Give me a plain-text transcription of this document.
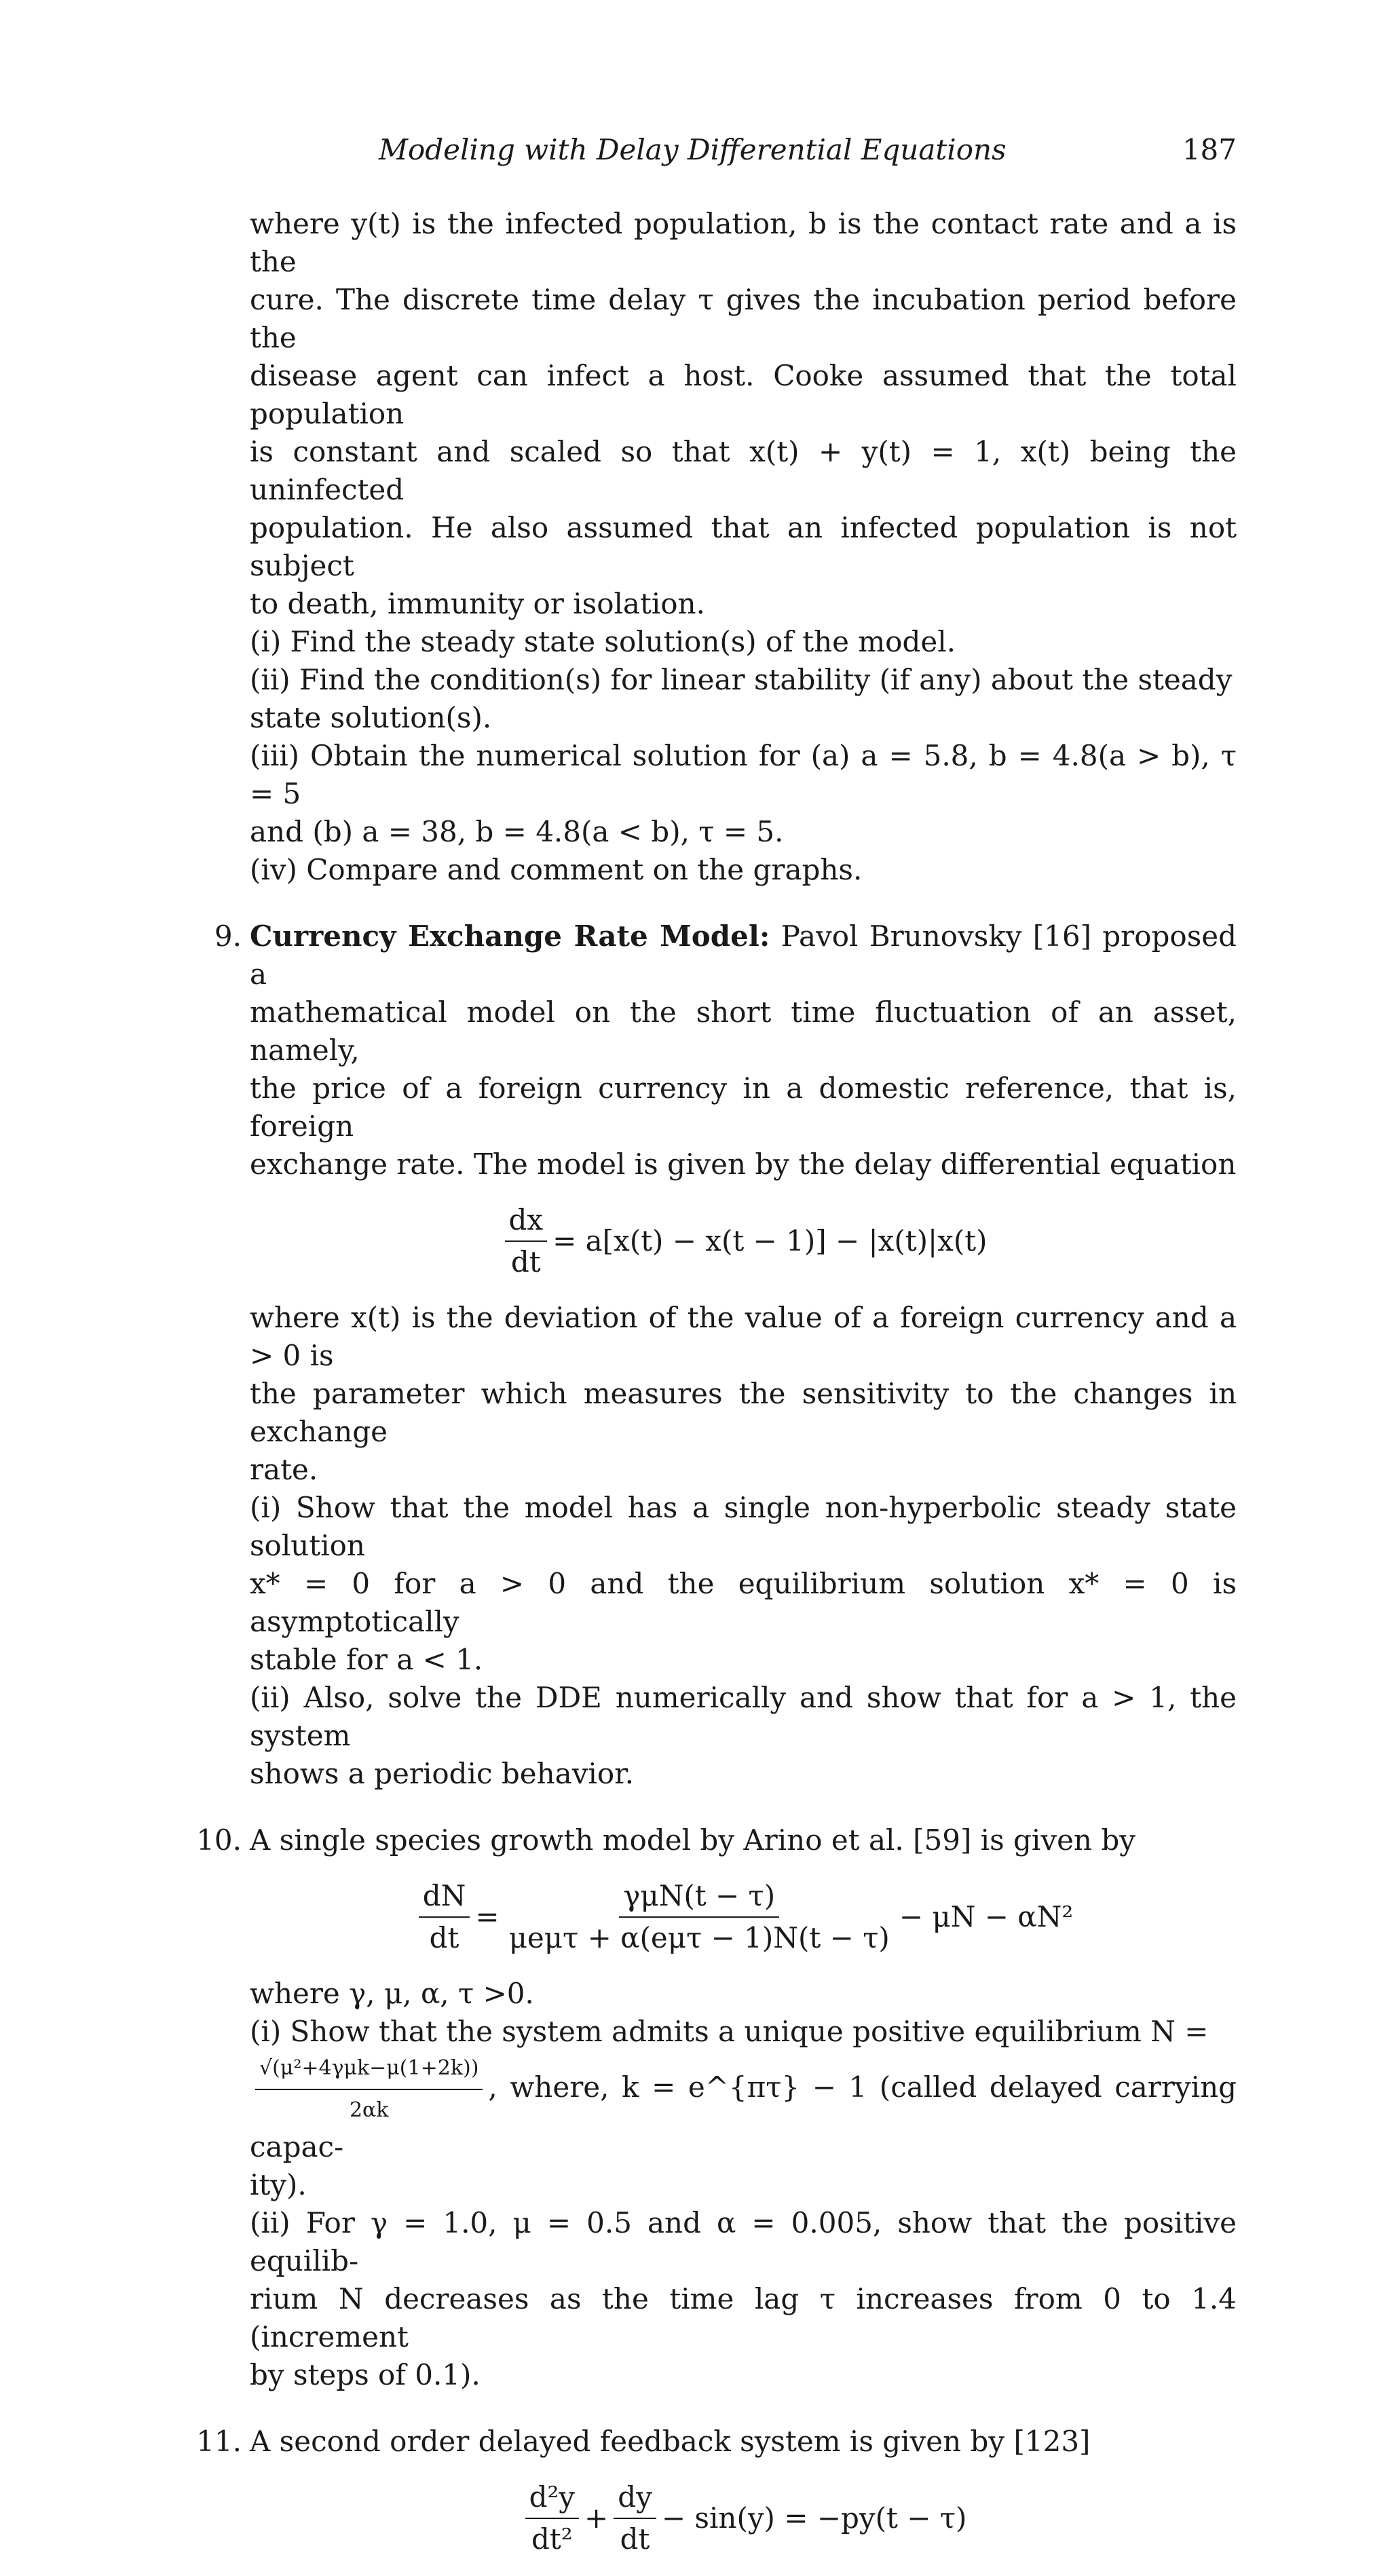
Modeling with Delay Differential Equations	187
where y(t) is the infected population, b is the contact rate and a is the
cure. The discrete time delay τ gives the incubation period before the
disease agent can infect a host. Cooke assumed that the total population
is constant and scaled so that x(t) + y(t) = 1, x(t) being the uninfected
population. He also assumed that an infected population is not subject
to death, immunity or isolation.
(i) Find the steady state solution(s) of the model.
(ii) Find the condition(s) for linear stability (if any) about the steady
state solution(s).
(iii) Obtain the numerical solution for (a) a = 5.8, b = 4.8(a > b), τ = 5
and (b) a = 38, b = 4.8(a < b), τ = 5.
(iv) Compare and comment on the graphs.
9. Currency Exchange Rate Model: Pavol Brunovsky [16] proposed a
mathematical model on the short time fluctuation of an asset, namely,
the price of a foreign currency in a domestic reference, that is, foreign
exchange rate. The model is given by the delay differential equation
$\frac{dx}{dt} = a[x(t) - x(t - 1)] - |x(t)|x(t)$
where x(t) is the deviation of the value of a foreign currency and a > 0 is
the parameter which measures the sensitivity to the changes in exchange
rate.
(i) Show that the model has a single non-hyperbolic steady state solution
x* = 0 for a > 0 and the equilibrium solution x* = 0 is asymptotically
stable for a < 1.
(ii) Also, solve the DDE numerically and show that for a > 1, the system
shows a periodic behavior.
10. A single species growth model by Arino et al. [59] is given by
$\frac{dN}{dt} = \frac{\text{γμN(t − τ)}}{\text{μeμτ + α(eμτ − 1)N(t − τ)}} - \mu N - \alpha N^2$
where γ, μ, α, τ >0.
(i) Show that the system admits a unique positive equilibrium N =
$\frac{\text{√(μ²+4γμk−μ(1+2k))}}{2\alpha k}$ , where, k = e^{πτ} − 1 (called delayed carrying capac-
ity).
(ii) For γ = 1.0, μ = 0.5 and α = 0.005, show that the positive equilib-
rium N decreases as the time lag τ increases from 0 to 1.4 (increment
by steps of 0.1).
11. A second order delayed feedback system is given by [123]
$\frac{\text{d²y}}{\text{dt²}} + \frac{dy}{dt} - \sin(y) = -py(t - \tau)$
